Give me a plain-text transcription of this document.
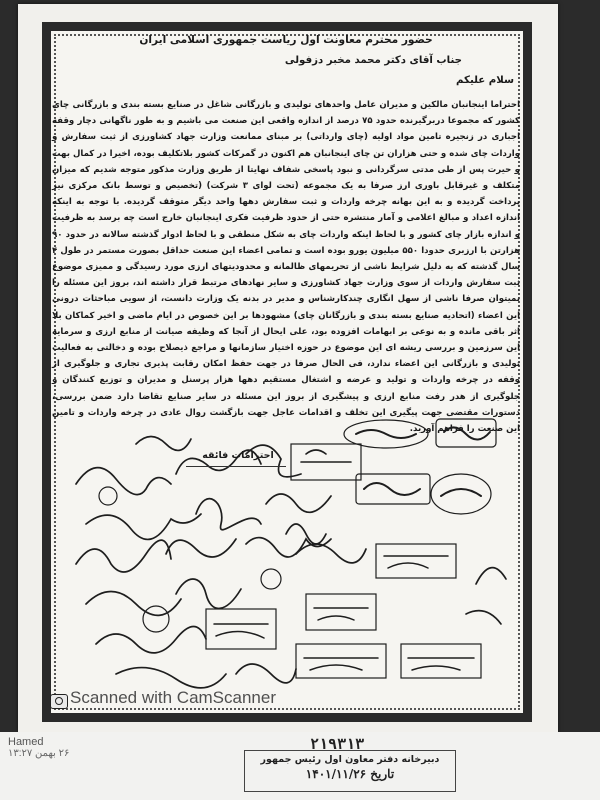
حضور محترم معاونت اول ریاست جمهوری اسلامی ایران
جناب آقای دکتر محمد مخبر دزفولی
سلام علیکم
احتراما اینجانبان مالکین و مدیران عامل واحدهای تولیدی و بازرگانی شاغل در صنایع بسته بندی و بازرگانی چای کشور که مجموعا دربرگیرنده حدود ۷۵ درصد از اندازه واقعی این صنعت می باشیم و به طور ناگهانی دچار وقفه اجباری در زنجیره تامین مواد اولیه (چای وارداتی) بر مبنای ممانعت وزارت جهاد کشاورزی از ثبت سفارش و واردات چای شده و حتی هزاران تن چای اینجانبان هم اکنون در گمرکات کشور بلاتکلیف بوده، اخیرا در کمال بهت و حیرت پس از طی مدتی سرگردانی و نبود پاسخی شفاف نهایتا از طریق وزارت مذکور متوجه شدیم که میزان متکلف و غیرقابل باوری ارز صرفا به یک مجموعه (تحت لوای ۳ شرکت) (تخصیص و توسط بانک مرکزی نیز پرداخت گردیده و به این بهانه چرخه واردات و ثبت سفارش دهها واحد دیگر متوقف گردیده. با توجه به اینکه اندازه اعداد و مبالغ اعلامی و آمار منتشره حتی از حدود ظرفیت فکری اینجانبان خارج است چه برسد به ظرفیت و اندازه بازار چای کشور و با لحاظ اینکه واردات چای به شکل منطقی و با لحاظ ادوار گذشته سالانه در حدود ۹۰ هزارتن با ارزبری حدودا ۵۵۰ میلیون یورو بوده است و تمامی اعضاء این صنعت حداقل بصورت مستمر در طول ۴ سال گذشته که به دلیل شرایط ناشی از تحریمهای ظالمانه و محدودیتهای ارزی مورد رسیدگی و ممیزی موضوع ثبت سفارش واردات از سوی وزارت جهاد کشاورزی و سایر نهادهای مرتبط قرار داشته اند، بروز این مسئله را نمیتوان صرفا ناشی از سهل انگاری چندکارشناس و مدیر در بدنه یک وزارت دانست، از سویی مباحثات درونی این اعضاء (اتحادیه صنایع بسته بندی و بازرگانان چای) مشهودها بر این خصوص در ایام ماضی و اخیر کماکان بلا اثر باقی مانده و به نوعی بر ابهامات افزوده بود، علی ایحال از آنجا که وظیفه صیانت از منابع ارزی و سرمایه این سرزمین و بررسی ریشه ای این موضوع در حوزه اختیار سازمانها و مراجع ذیصلاح بوده و دخالتی به فعالیت تولیدی و بازرگانی این اعضاء ندارد، فی الحال صرفا در جهت حفظ امکان رقابت پذیری تجاری و جلوگیری از وقفه در چرخه واردات و تولید و عرضه و اشتغال مستقیم دهها هزار پرسنل و مدیران و توزیع کنندگان و جلوگیری از هدر رفت منابع ارزی و پیشگیری از بروز این مسئله در سایر صنایع تقاضا دارد ضمن بررسی، دستورات مقتضی جهت پیگیری این تخلف و اقدامات عاجل جهت بازگشت روال عادی در چرخه واردات و تامین این صنعت را فراهم آورید.
احترامات فائقه
Scanned with CamScanner
۲۱۹۳۱۳
دبیرخانه دفتر معاون اول رئیس جمهور
تاریخ ۱۴۰۱/۱۱/۲۶
Hamed
۲۶ بهمن ۱۳:۲۷
